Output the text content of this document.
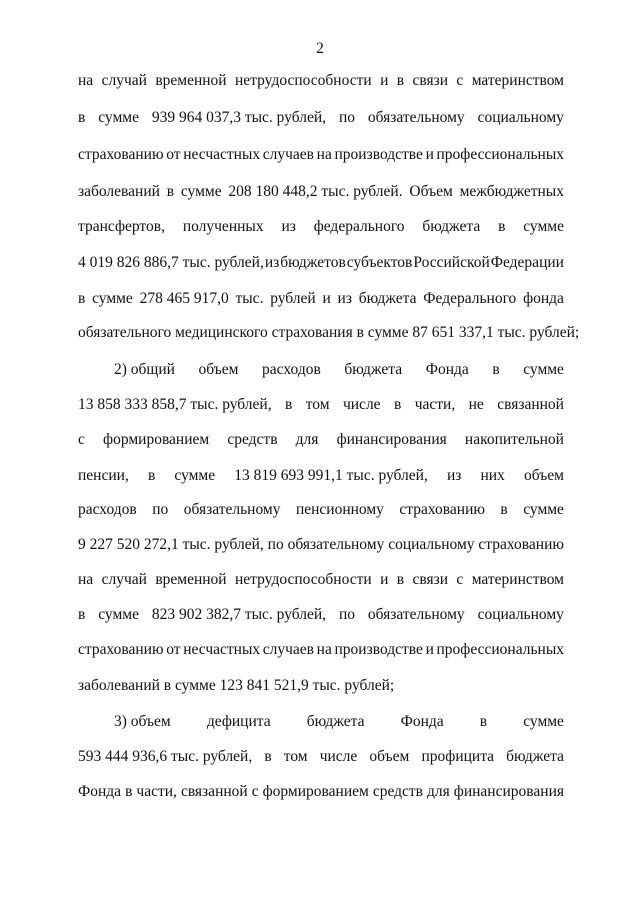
2
на случай временной нетрудоспособности и в связи с материнством
в сумме 939 964 037,3 тыс. рублей, по обязательному социальному
страхованию от несчастных случаев на производстве и профессиональных
заболеваний в сумме 208 180 448,2 тыс. рублей. Объем межбюджетных
трансфертов, полученных из федерального бюджета в сумме
4 019 826 886,7 тыс. рублей, из бюджетов субъектов Российской Федерации
в сумме 278 465 917,0 тыс. рублей и из бюджета Федерального фонда
обязательного медицинского страхования в сумме 87 651 337,1 тыс. рублей;
2) общий объем расходов бюджета Фонда в сумме
13 858 333 858,7 тыс. рублей, в том числе в части, не связанной
с формированием средств для финансирования накопительной
пенсии, в сумме 13 819 693 991,1 тыс. рублей, из них объем
расходов по обязательному пенсионному страхованию в сумме
9 227 520 272,1 тыс. рублей, по обязательному социальному страхованию
на случай временной нетрудоспособности и в связи с материнством
в сумме 823 902 382,7 тыс. рублей, по обязательному социальному
страхованию от несчастных случаев на производстве и профессиональных
заболеваний в сумме 123 841 521,9 тыс. рублей;
3) объем дефицита бюджета Фонда в сумме
593 444 936,6 тыс. рублей, в том числе объем профицита бюджета
Фонда в части, связанной с формированием средств для финансирования
